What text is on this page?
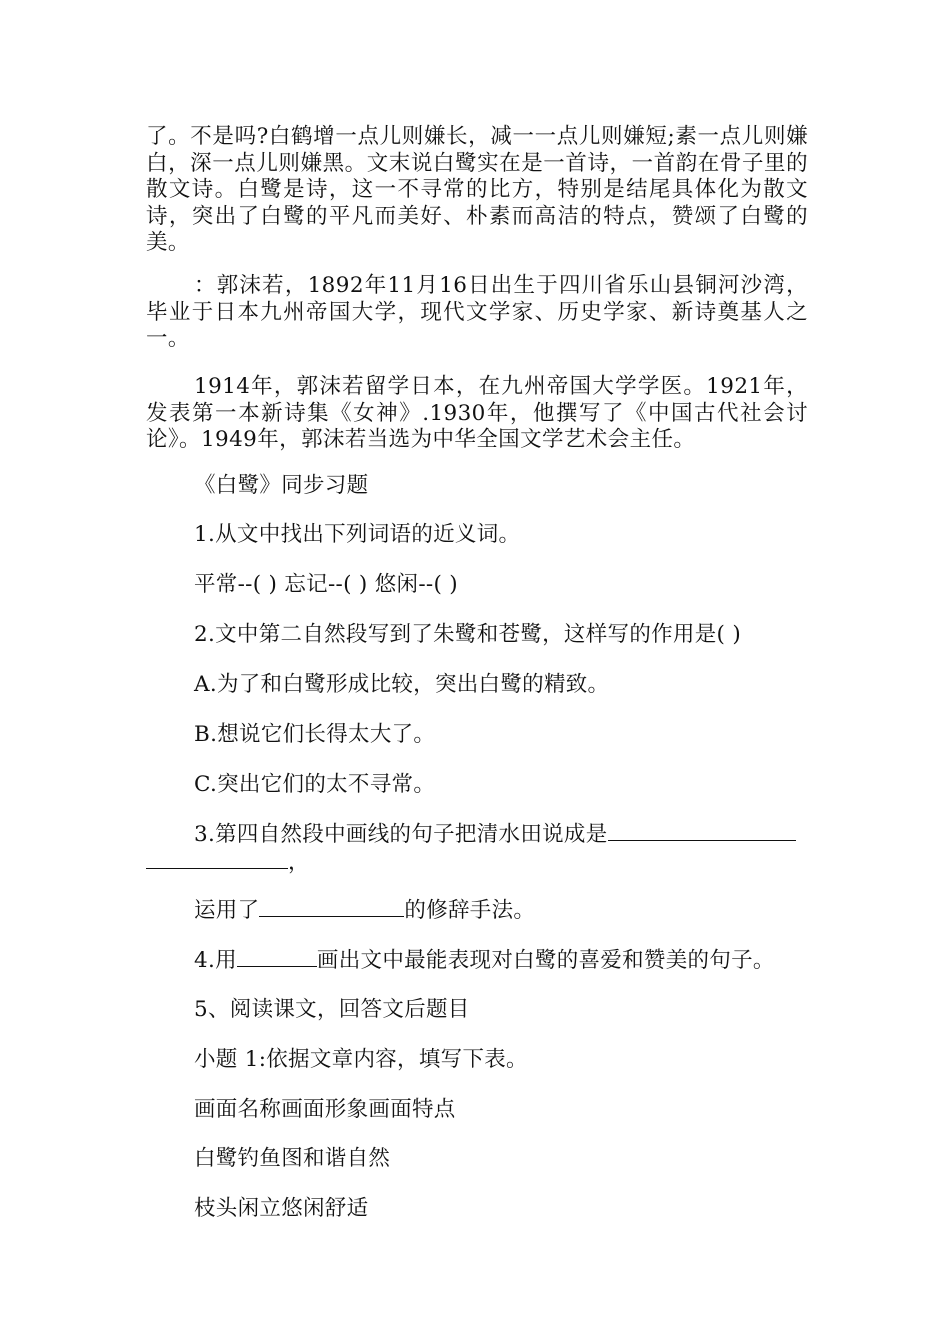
了。不是吗?白鹤增一点儿则嫌长，减一一点儿则嫌短;素一点儿则嫌白，深一点儿则嫌黑。文末说白鹭实在是一首诗，一首韵在骨子里的散文诗。白鹭是诗，这一不寻常的比方，特别是结尾具体化为散文诗，突出了白鹭的平凡而美好、朴素而高洁的特点，赞颂了白鹭的美。

：郭沫若，1892年11月16日出生于四川省乐山县铜河沙湾，毕业于日本九州帝国大学，现代文学家、历史学家、新诗奠基人之一。

1914年，郭沫若留学日本，在九州帝国大学学医。1921年，发表第一本新诗集《女神》.1930年，他撰写了《中国古代社会讨论》。1949年，郭沫若当选为中华全国文学艺术会主任。

《白鹭》同步习题
1.从文中找出下列词语的近义词。
平常--( ) 忘记--( ) 悠闲--( )
2.文中第二自然段写到了朱鹭和苍鹭，这样写的作用是( )
A.为了和白鹭形成比较，突出白鹭的精致。
B.想说它们长得太大了。
C.突出它们的太不寻常。
3.第四自然段中画线的句子把清水田说成是
，
运用了	的修辞手法。
4.用	画出文中最能表现对白鹭的喜爱和赞美的句子。
5、阅读课文，回答文后题目
小题 1:依据文章内容，填写下表。
画面名称画面形象画面特点
白鹭钓鱼图和谐自然
枝头闲立悠闲舒适
